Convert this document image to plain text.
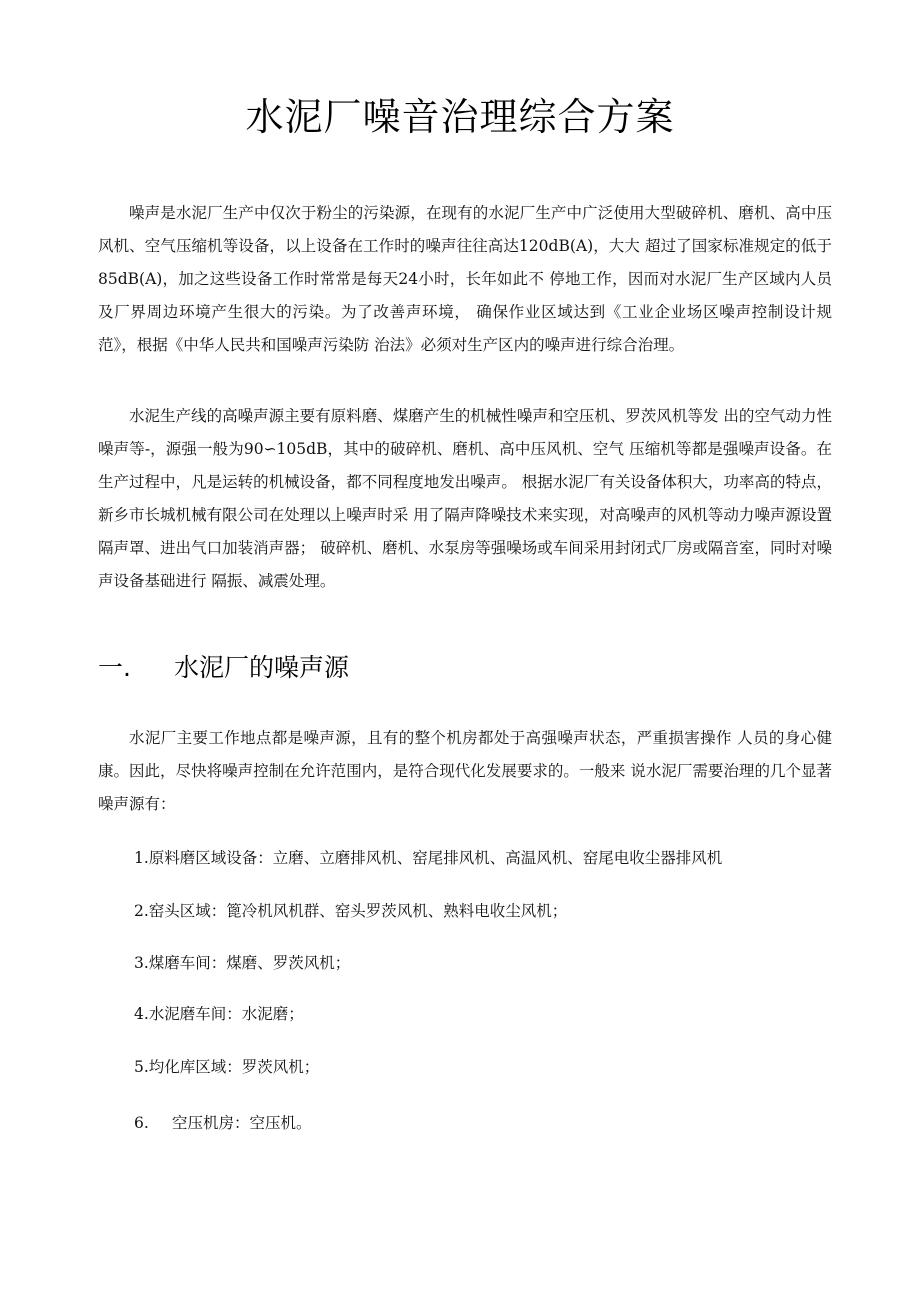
水泥厂噪音治理综合方案

噪声是水泥厂生产中仅次于粉尘的污染源，在现有的水泥厂生产中广泛使用大型破碎机、磨机、高中压风机、空气压缩机等设备，以上设备在工作时的噪声往往高达120dB(A)，大大 超过了国家标准规定的低于85dB(A)，加之这些设备工作时常常是每天24小时，长年如此不 停地工作，因而对水泥厂生产区域内人员及厂界周边环境产生很大的污染。为了改善声环境， 确保作业区域达到《工业企业场区噪声控制设计规范》，根据《中华人民共和国噪声污染防 治法》必须对生产区内的噪声进行综合治理。

水泥生产线的高噪声源主要有原料磨、煤磨产生的机械性噪声和空压机、罗茨风机等发 出的空气动力性噪声等-，源强一般为90∽105dB，其中的破碎机、磨机、高中压风机、空气 压缩机等都是强噪声设备。在生产过程中，凡是运转的机械设备，都不同程度地发出噪声。 根据水泥厂有关设备体积大，功率高的特点，新乡市长城机械有限公司在处理以上噪声时采 用了隔声降噪技术来实现，对高噪声的风机等动力噪声源设置隔声罩、进出气口加装消声器； 破碎机、磨机、水泵房等强噪场或车间采用封闭式厂房或隔音室，同时对噪声设备基础进行 隔振、减震处理。

一. 水泥厂的噪声源

水泥厂主要工作地点都是噪声源，且有的整个机房都处于高强噪声状态，严重损害操作 人员的身心健康。因此，尽快将噪声控制在允许范围内，是符合现代化发展要求的。一般来 说水泥厂需要治理的几个显著噪声源有：

1.原料磨区域设备：立磨、立磨排风机、窑尾排风机、高温风机、窑尾电收尘器排风机
2.窑头区域：篦冷机风机群、窑头罗茨风机、熟料电收尘风机；
3.煤磨车间：煤磨、罗茨风机；
4.水泥磨车间：水泥磨；
5.均化库区域：罗茨风机；
6. 空压机房：空压机。
